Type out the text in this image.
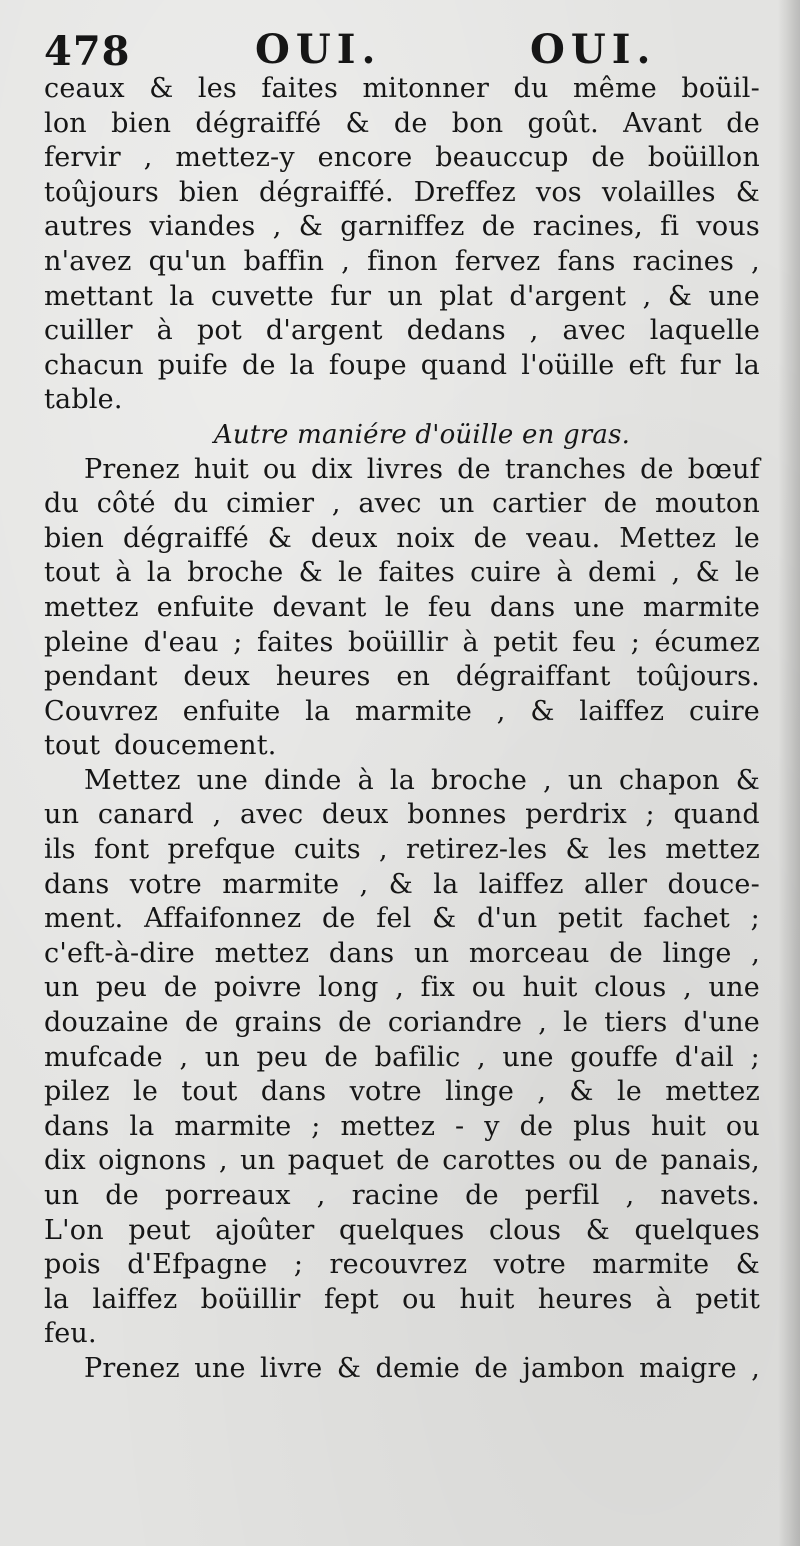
478	OUI.	OUI.
ceaux & les faites mitonner du même boüil-
lon bien dégraiffé & de bon goût. Avant de
fervir , mettez-y encore beauccup de boüillon
toûjours bien dégraiffé. Dreffez vos volailles &
autres viandes , & garniffez de racines, fi vous
n'avez qu'un baffin , finon fervez fans racines ,
mettant la cuvette fur un plat d'argent , & une
cuiller à pot d'argent dedans , avec laquelle
chacun puife de la foupe quand l'oüille eft fur la
table.
Autre maniére d'oüille en gras.
Prenez huit ou dix livres de tranches de bœuf
du côté du cimier , avec un cartier de mouton
bien dégraiffé & deux noix de veau. Mettez le
tout à la broche & le faites cuire à demi , & le
mettez enfuite devant le feu dans une marmite
pleine d'eau ; faites boüillir à petit feu ; écumez
pendant deux heures en dégraiffant toûjours.
Couvrez enfuite la marmite , & laiffez cuire
tout doucement.
Mettez une dinde à la broche , un chapon &
un canard , avec deux bonnes perdrix ; quand
ils font prefque cuits , retirez-les & les mettez
dans votre marmite , & la laiffez aller douce-
ment. Affaifonnez de fel & d'un petit fachet ;
c'eft-à-dire mettez dans un morceau de linge ,
un peu de poivre long , fix ou huit clous , une
douzaine de grains de coriandre , le tiers d'une
mufcade , un peu de bafilic , une gouffe d'ail ;
pilez le tout dans votre linge , & le mettez
dans la marmite ; mettez - y de plus huit ou
dix oignons , un paquet de carottes ou de panais,
un de porreaux , racine de perfil , navets.
L'on peut ajoûter quelques clous & quelques
pois d'Efpagne ; recouvrez votre marmite &
la laiffez boüillir fept ou huit heures à petit
feu.
Prenez une livre & demie de jambon maigre ,
